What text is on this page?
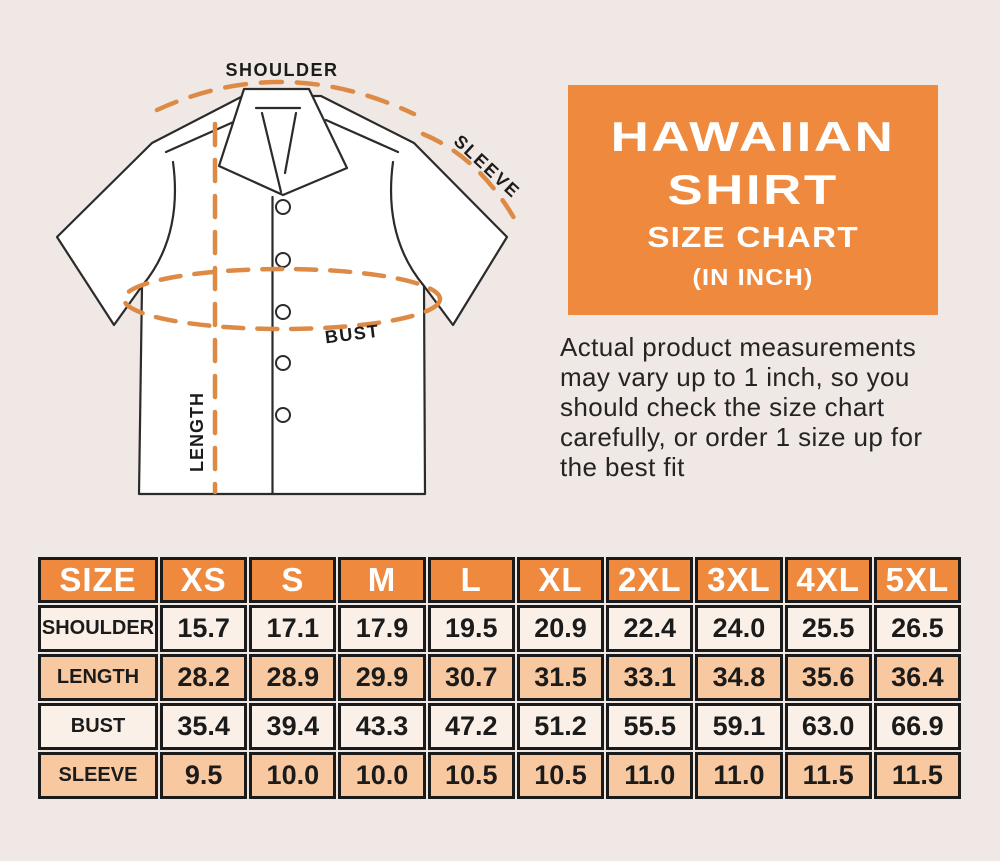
SHOULDER
SLEEVE
BUST
LENGTH
HAWAIIAN
SHIRT
SIZE CHART
(IN INCH)
Actual product measurements
may vary up to 1 inch, so you
should check the size chart
carefully, or order 1 size up for
the best fit
SIZE	XS	S	M	L	XL	2XL 3XL 4XL 5XL
SHOULDER 15.7	17.1	17.9	19.5	20.9	22.4	24.0	25.5	26.5
LENGTH	28.2	28.9	29.9	30.7	31.5	33.1	34.8	35.6	36.4
BUST	35.4	39.4	43.3	47.2	51.2	55.5	59.1	63.0	66.9
SLEEVE	9.5	10.0	10.0	10.5	10.5	11.0	11.0	11.5	11.5
